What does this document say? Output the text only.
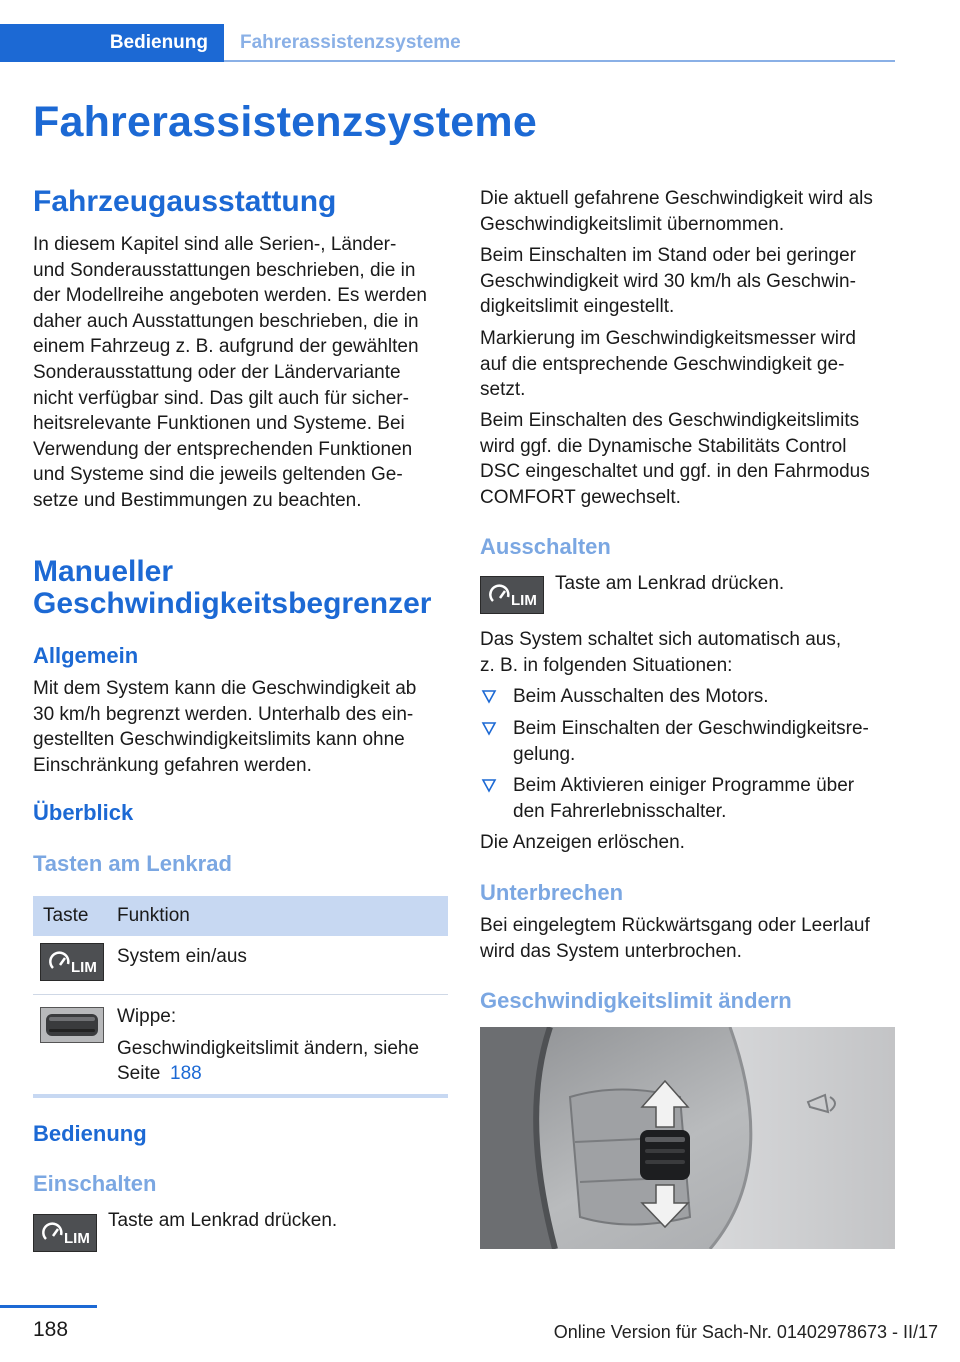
Bedienung	Fahrerassistenzsysteme
Fahrerassistenzsysteme
Fahrzeugausstattung

In diesem Kapitel sind alle Serien-, Länder-

und Sonderausstattungen beschrieben, die in

der Modellreihe angeboten werden. Es werden

daher auch Ausstattungen beschrieben, die in

einem Fahrzeug z. B. aufgrund der gewählten

Sonderausstattung oder der Ländervariante

nicht verfügbar sind. Das gilt auch für sicher-

heitsrelevante Funktionen und Systeme. Bei

Verwendung der entsprechenden Funktionen

und Systeme sind die jeweils geltenden Ge-

setze und Bestimmungen zu beachten.

Manueller
Geschwindigkeitsbegrenzer
Allgemein

Mit dem System kann die Geschwindigkeit ab

30 km/h begrenzt werden. Unterhalb des ein-

gestellten Geschwindigkeitslimits kann ohne

Einschränkung gefahren werden.

Überblick
Tasten am Lenkrad
Taste Funktion
LIM
System ein/aus
Wippe:
Geschwindigkeitslimit ändern, siehe
Seite 188
Bedienung
Einschalten
LIM

Taste am Lenkrad drücken.

Die aktuell gefahrene Geschwindigkeit wird als

Geschwindigkeitslimit übernommen.

Beim Einschalten im Stand oder bei geringer

Geschwindigkeit wird 30 km/h als Geschwin-

digkeitslimit eingestellt.

Markierung im Geschwindigkeitsmesser wird

auf die entsprechende Geschwindigkeit ge-

setzt.

Beim Einschalten des Geschwindigkeitslimits

wird ggf. die Dynamische Stabilitäts Control

DSC eingeschaltet und ggf. in den Fahrmodus

COMFORT gewechselt.

Ausschalten
LIM

Taste am Lenkrad drücken.

Das System schaltet sich automatisch aus,

z. B. in folgenden Situationen:

Beim Ausschalten des Motors.
Beim Einschalten der Geschwindigkeitsre-
gelung.
Beim Aktivieren einiger Programme über
den Fahrerlebnisschalter.

Die Anzeigen erlöschen.

Unterbrechen

Bei eingelegtem Rückwärtsgang oder Leerlauf

wird das System unterbrochen.

Geschwindigkeitslimit ändern
188	Online Version für Sach-Nr. 01402978673 - II/17
